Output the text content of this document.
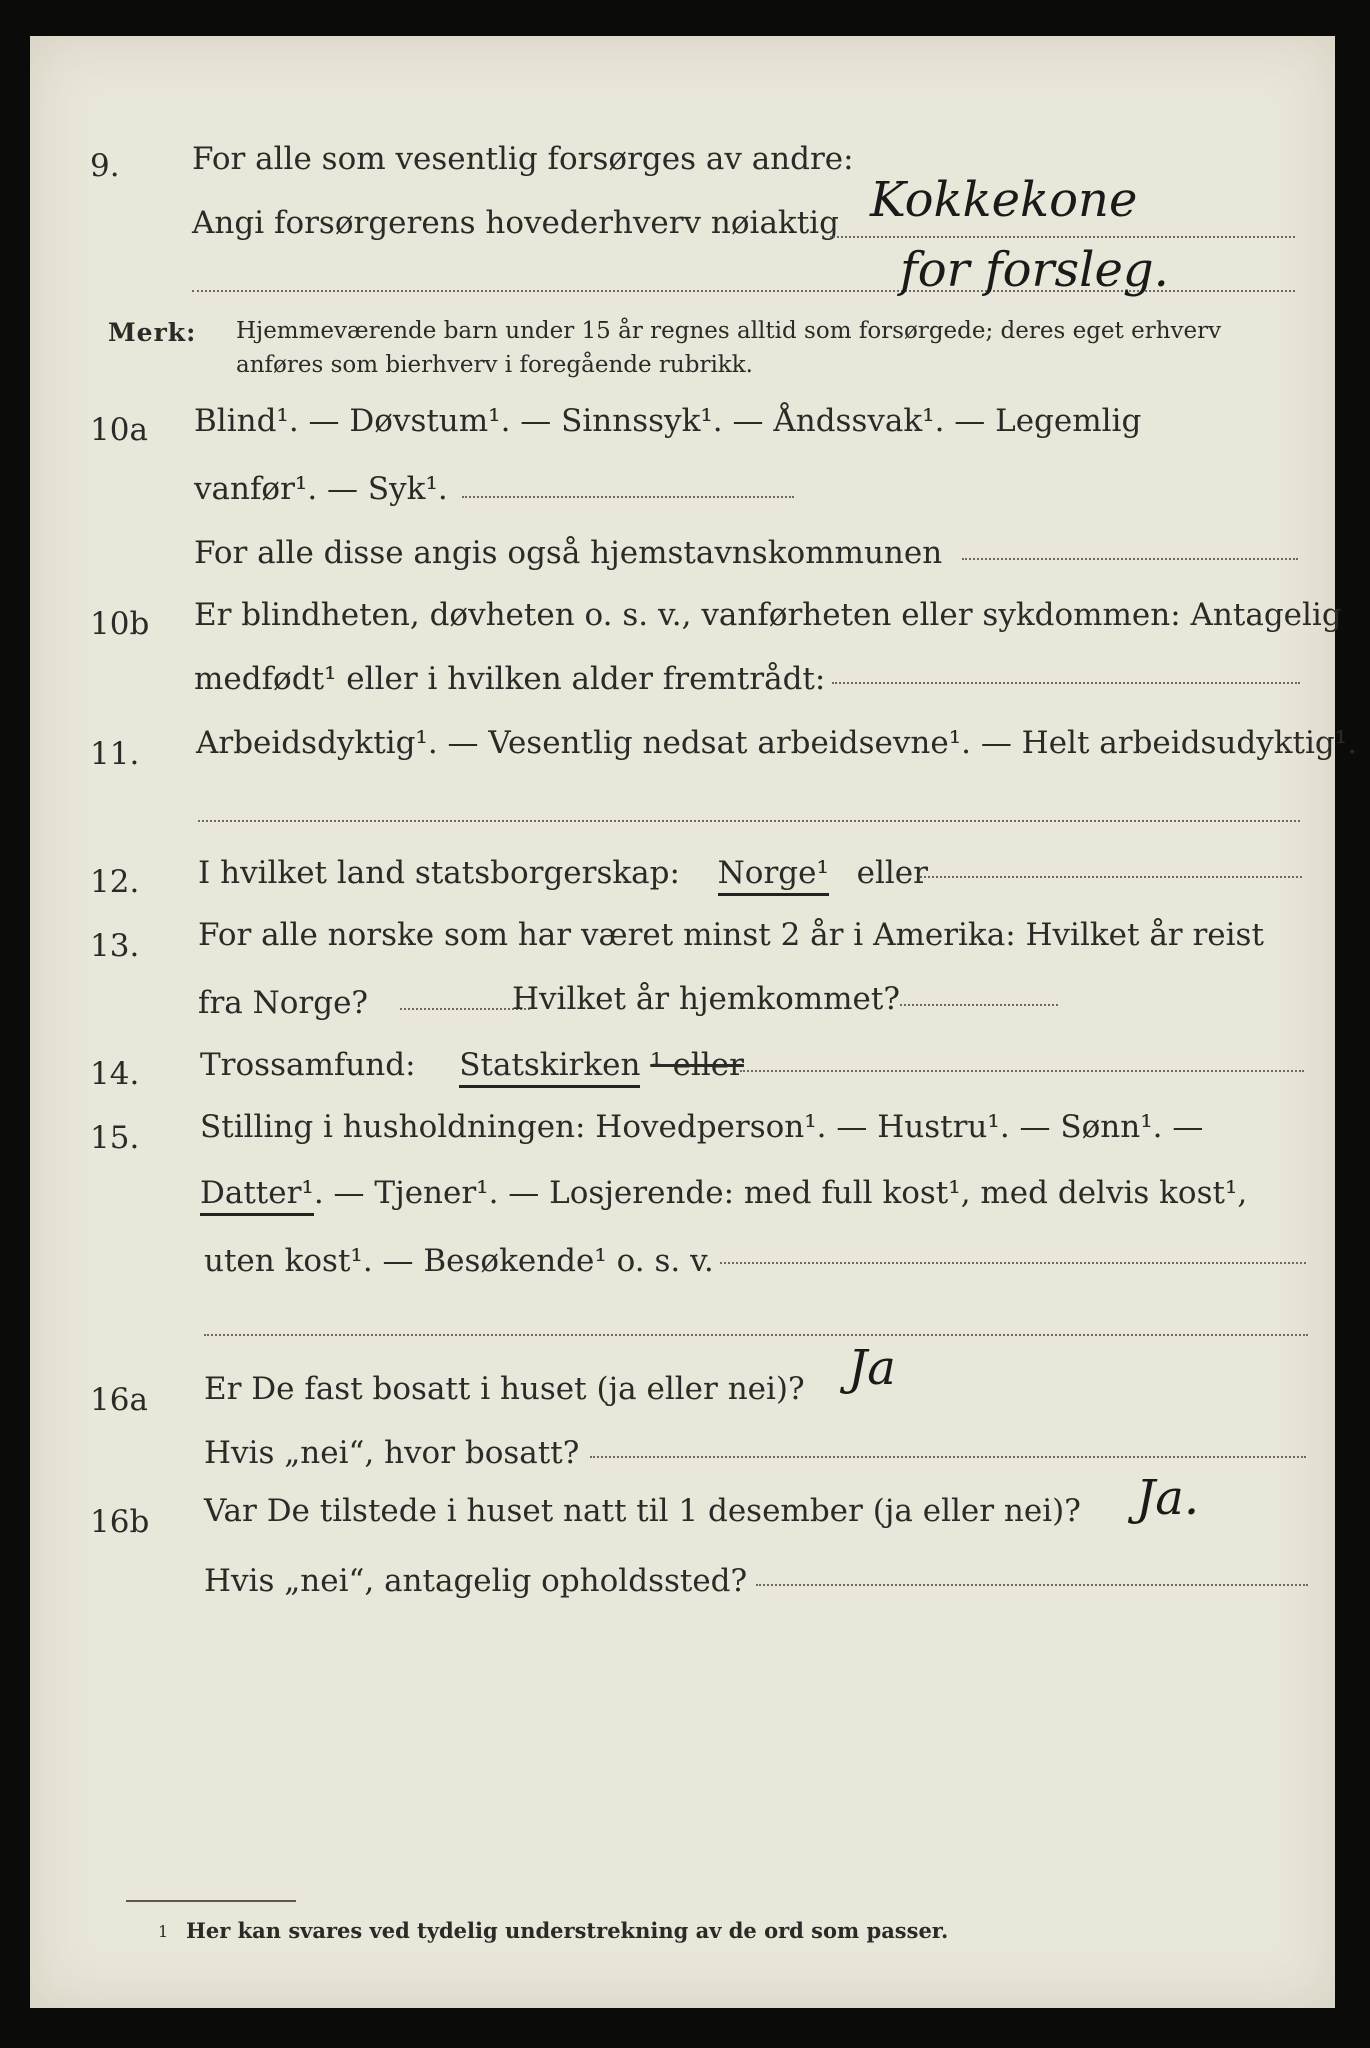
9. For alle som vesentlig forsørges av andre:
Angi forsørgerens hovederhverv nøiaktig Kokkekone
for forsleg.
Merk: Hjemmeværende barn under 15 år regnes alltid som forsørgede; deres eget erhverv
anføres som bierhverv i foregående rubrikk.
10a Blind¹. — Døvstum¹. — Sinnssyk¹. — Åndssvak¹. — Legemlig
vanfør¹. — Syk¹.
For alle disse angis også hjemstavnskommunen
10b Er blindheten, døvheten o. s. v., vanførheten eller sykdommen: Antagelig
medfødt¹ eller i hvilken alder fremtrådt:
11. Arbeidsdyktig¹. — Vesentlig nedsat arbeidsevne¹. — Helt arbeidsudyktig¹.
12. I hvilket land statsborgerskap: Norge¹ eller
13. For alle norske som har været minst 2 år i Amerika: Hvilket år reist
fra Norge?	Hvilket år hjemkommet?
14. Trossamfund: Statskirken ¹ eller
15. Stilling i husholdningen: Hovedperson¹. — Hustru¹. — Sønn¹. —
Datter¹. — Tjener¹. — Losjerende: med full kost¹, med delvis kost¹,
uten kost¹. — Besøkende¹ o. s. v.
16a Er De fast bosatt i huset (ja eller nei)? Ja
Hvis „nei“, hvor bosatt?
16b Var De tilstede i huset natt til 1 desember (ja eller nei)? Ja.
Hvis „nei“, antagelig opholdssted?
1 Her kan svares ved tydelig understrekning av de ord som passer.
